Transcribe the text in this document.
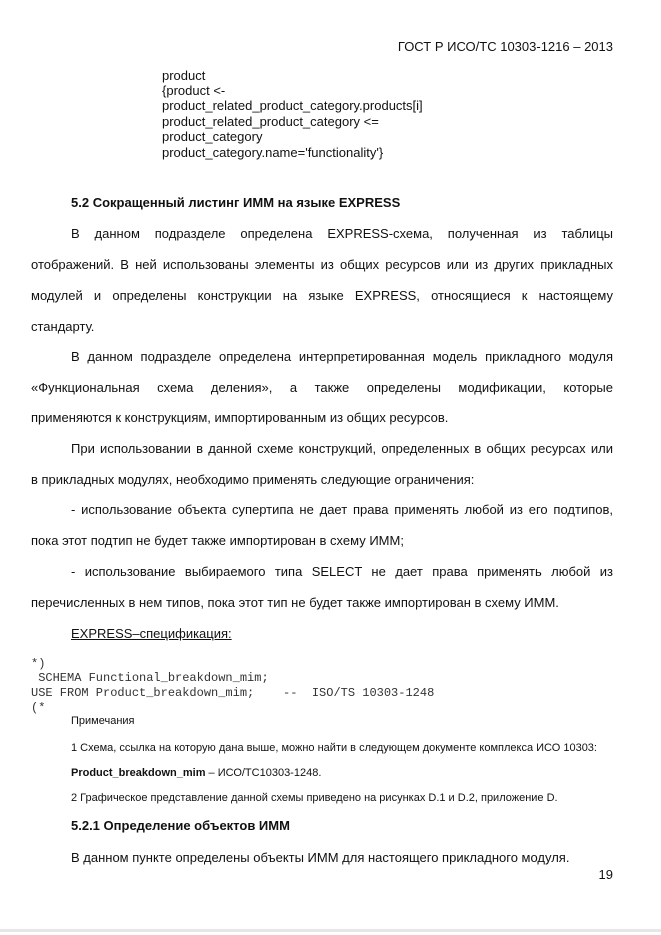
ГОСТ Р ИСО/ТС 10303-1216 – 2013
product
{product <-
product_related_product_category.products[i]
product_related_product_category <=
product_category
product_category.name='functionality'}
5.2 Сокращенный листинг ИММ на языке EXPRESS
В данном подразделе определена EXPRESS-схема, полученная из таблицы
отображений. В ней использованы элементы из общих ресурсов или из других прикладных
модулей и определены конструкции на языке EXPRESS, относящиеся к настоящему
стандарту.
В данном подразделе определена интерпретированная модель прикладного модуля
«Функциональная схема деления», а также определены модификации, которые
применяются к конструкциям, импортированным из общих ресурсов.
При использовании в данной схеме конструкций, определенных в общих ресурсах или
в прикладных модулях, необходимо применять следующие ограничения:
- использование объекта супертипа не дает права применять любой из его подтипов,
пока этот подтип не будет также импортирован в схему ИММ;
- использование выбираемого типа SELECT не дает права применять любой из
перечисленных в нем типов, пока этот тип не будет также импортирован в схему ИММ.
EXPRESS–спецификация:
*)
SCHEMA Functional_breakdown_mim;
USE FROM Product_breakdown_mim;    --  ISO/TS 10303-1248
(*
Примечания
1 Схема, ссылка на которую дана выше, можно найти в следующем документе комплекса ИСО 10303:
Product_breakdown_mim – ИСО/ТС10303-1248.
2 Графическое представление данной схемы приведено на рисунках D.1 и D.2, приложение D.
5.2.1 Определение объектов ИММ
В данном пункте определены объекты ИММ для настоящего прикладного модуля.
19
